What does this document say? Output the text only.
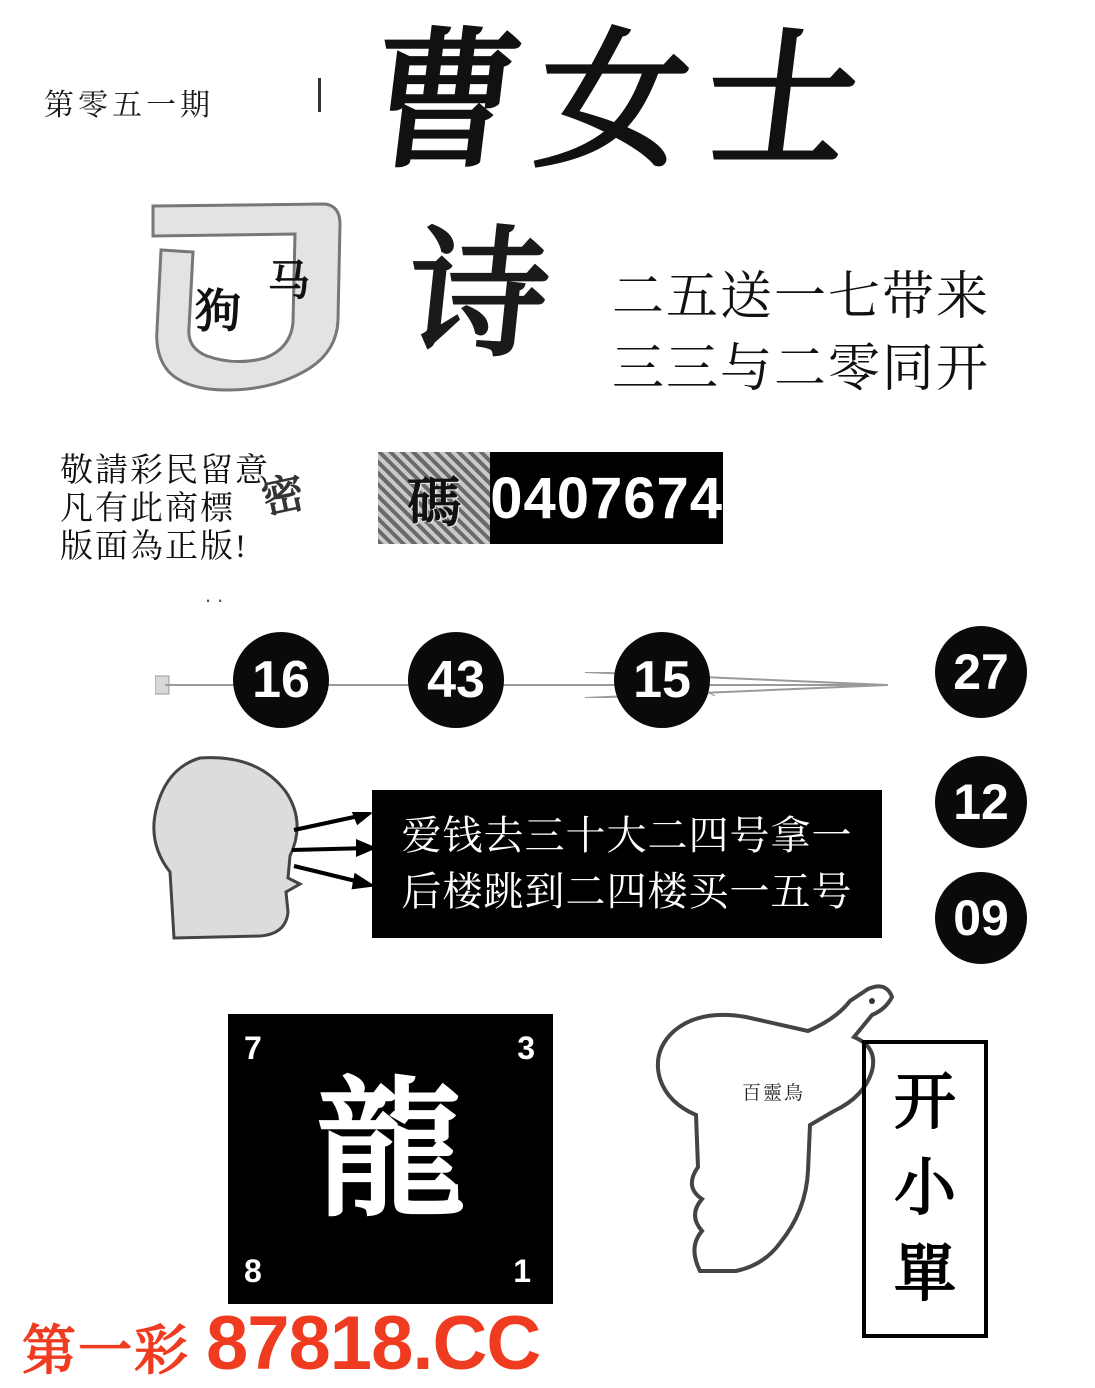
第零五一期 曹女士
狗
马 诗 二五送一七带来
三三与二零同开
敬請彩民留意
凡有此商標
版面為正版!
密	碼 0407674
..
16	43	15	27
12
09
爱钱去三十大二四号拿一
后楼跳到二四楼买一五号
7	3
龍
8	1
百靈鳥 开
小
單
第一彩 87818.CC
